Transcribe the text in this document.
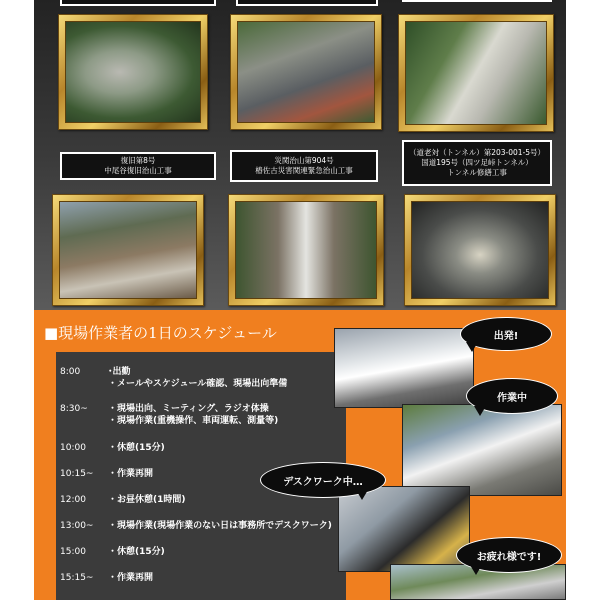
復旧第8号
中尾谷復旧治山工事
災関治山第904号
椿佐古災害関連緊急治山工事
（道老対（トンネル）第203-001-5号）
国道195号（四ツ足峠トンネル）
トンネル修繕工事
■現場作業者の1日のスケジュール
8:00	･出勤
・メールやスケジュール確認、現場出向準備
8:30~	・現場出向、ミーティング、ラジオ体操
・現場作業(重機操作、車両運転、測量等)
10:00	・休憩(15分)
10:15~	・作業再開
12:00	・お昼休憩(1時間)
13:00~	・現場作業(現場作業のない日は事務所でデスクワーク)
15:00	・休憩(15分)
15:15~	・作業再開
出発!
作業中
デスクワーク中…
お疲れ様です!
